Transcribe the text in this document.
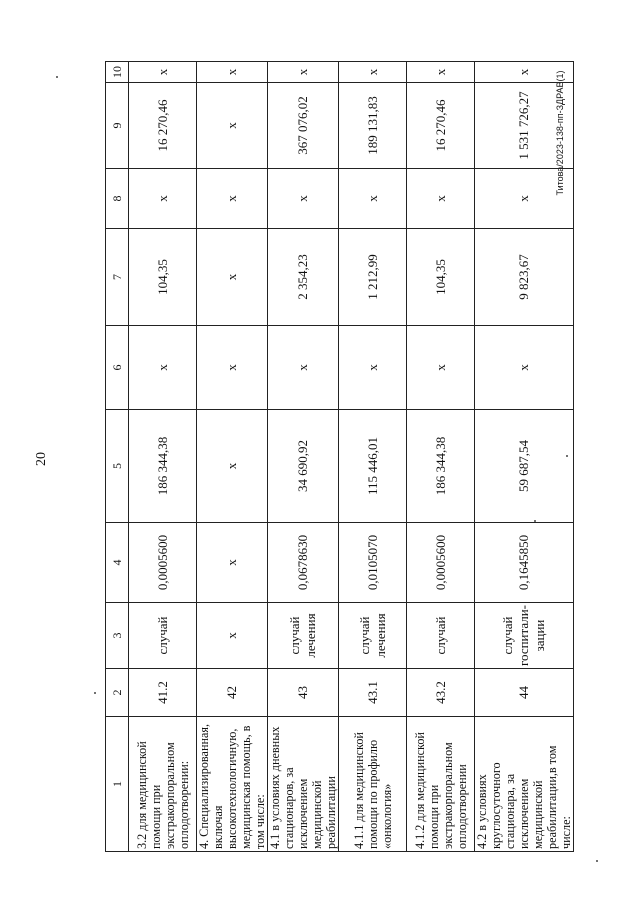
20
Титова/2023-138-пп-ЗДРАВ(1)
1	2	3	4	5	6	7	8	9	10
3.2 для медицинской помощи при экстракорпоральном оплодотворении:	41.2	случай	0,0005600	186 344,38	х	104,35	х	16 270,46	х
4. Специализированная, включая высокотехнологичную, медицинская помощь, в том числе:	42	х	х	х	х	х	х	х	х
4.1 в условиях дневных стационаров, за исключением медицинской реабилитации	43	случай лечения	0,0678630	34 690,92	х	2 354,23	х	367 076,02	х
4.1.1 для медицинской помощи по профилю «онкология»	43.1	случай лечения	0,0105070	115 446,01	х	1 212,99	х	189 131,83	х
4.1.2 для медицинской помощи при экстракорпоральном оплодотворении	43.2	случай	0,0005600	186 344,38	х	104,35	х	16 270,46	х
4.2 в условиях круглосуточного стационара, за исключением медицинской реабилитации,в том числе:	44	случай госпитали-зации	0,1645850	59 687,54	х	9 823,67	х	1 531 726,27	х
